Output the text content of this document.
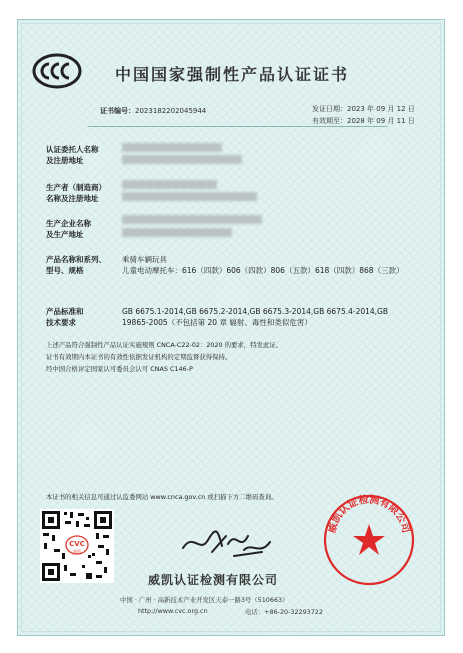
中国国家强制性产品认证证书
证书编号：2023182202045944	发证日期：2023 年 09 月 12 日
有效期至：2028 年 09 月 11 日
认证委托人名称
及注册地址
生产者（制造商）
名称及注册地址
生产企业名称
及生产地址
产品名称和系列、
型号、规格
乘骑车辆玩具
儿童电动摩托车：616（四款）606（四款）806（五款）618（四款）868（三款）
产品标准和
技术要求
GB 6675.1-2014,GB 6675.2-2014,GB 6675.3-2014,GB 6675.4-2014,GB 19865-2005（不包括第 20 章 辐射、毒性和类似危害）
上述产品符合强制性产品认证实施规则 CNCA-C22-02：2020 的要求，特发此证。
证书有效期内本证书的有效性依据发证机构的定期监督获得保持。
经中国合格评定国家认可委员会认可 CNAS C146-P
本证书的相关信息可通过认监委网站 www.cnca.gov.cn 或扫描下方二维码查询。
CVC
威凯
威凯认证检测有限公司
威凯认证检测有限公司
中国 · 广州 · 高新技术产业开发区天泰一路3号（510663）
http://www.cvc.org.cn	电话：+86-20-32293722
